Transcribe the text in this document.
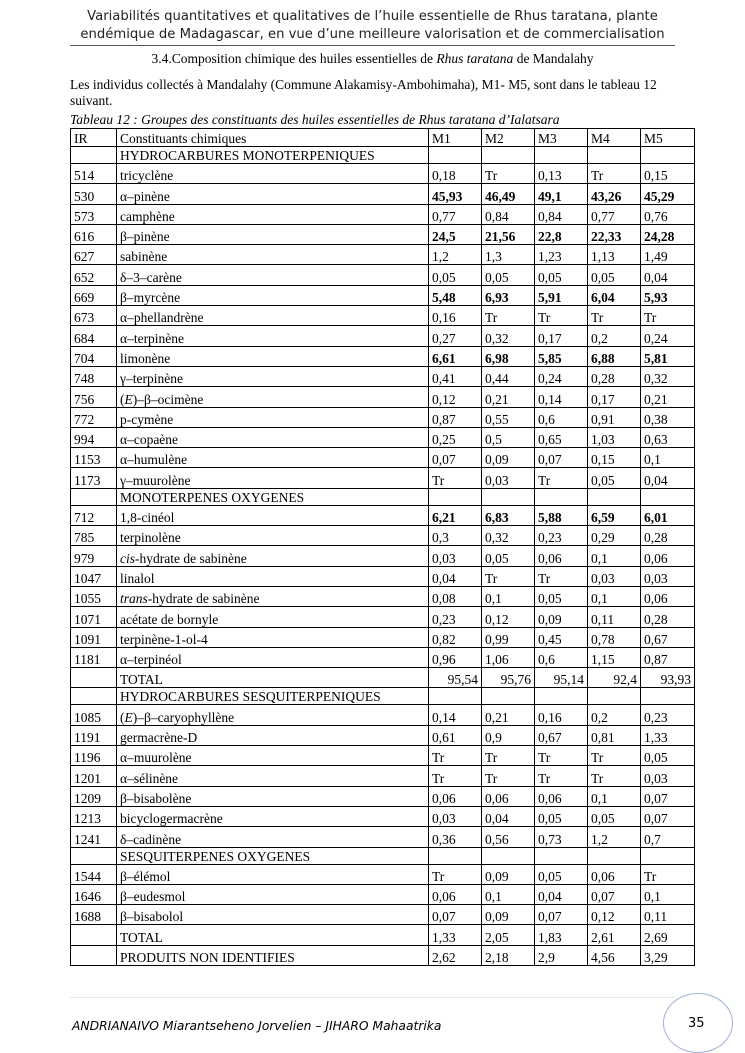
Variabilités quantitatives et qualitatives de l’huile essentielle de Rhus taratana, plante
endémique de Madagascar, en vue d’une meilleure valorisation et de commercialisation
3.4.Composition chimique des huiles essentielles de Rhus taratana de Mandalahy
Les individus collectés à Mandalahy (Commune Alakamisy-Ambohimaha), M1- M5, sont dans le tableau 12 suivant.
Tableau 12 : Groupes des constituants des huiles essentielles de Rhus taratana d’Ialatsara
IR	Constituants chimiques	M1	M2	M3	M4	M5
	HYDROCARBURES MONOTERPENIQUES					
514	tricyclène	0,18	Tr	0,13	Tr	0,15
530	α–pinène	45,93	46,49	49,1	43,26	45,29
573	camphène	0,77	0,84	0,84	0,77	0,76
616	β–pinène	24,5	21,56	22,8	22,33	24,28
627	sabinène	1,2	1,3	1,23	1,13	1,49
652	δ–3–carène	0,05	0,05	0,05	0,05	0,04
669	β–myrcène	5,48	6,93	5,91	6,04	5,93
673	α–phellandrène	0,16	Tr	Tr	Tr	Tr
684	α–terpinène	0,27	0,32	0,17	0,2	0,24
704	limonène	6,61	6,98	5,85	6,88	5,81
748	γ–terpinène	0,41	0,44	0,24	0,28	0,32
756	(E)–β–ocimène	0,12	0,21	0,14	0,17	0,21
772	p-cymène	0,87	0,55	0,6	0,91	0,38
994	α–copaène	0,25	0,5	0,65	1,03	0,63
1153	α–humulène	0,07	0,09	0,07	0,15	0,1
1173	γ–muurolène	Tr	0,03	Tr	0,05	0,04
	MONOTERPENES OXYGENES					
712	1,8-cinéol	6,21	6,83	5,88	6,59	6,01
785	terpinolène	0,3	0,32	0,23	0,29	0,28
979	cis-hydrate de sabinène	0,03	0,05	0,06	0,1	0,06
1047	linalol	0,04	Tr	Tr	0,03	0,03
1055	trans-hydrate de sabinène	0,08	0,1	0,05	0,1	0,06
1071	acétate de bornyle	0,23	0,12	0,09	0,11	0,28
1091	terpinène-1-ol-4	0,82	0,99	0,45	0,78	0,67
1181	α–terpinéol	0,96	1,06	0,6	1,15	0,87
	TOTAL	95,54	95,76	95,14	92,4	93,93
	HYDROCARBURES SESQUITERPENIQUES					
1085	(E)–β–caryophyllène	0,14	0,21	0,16	0,2	0,23
1191	germacrène-D	0,61	0,9	0,67	0,81	1,33
1196	α–muurolène	Tr	Tr	Tr	Tr	0,05
1201	α–sélinène	Tr	Tr	Tr	Tr	0,03
1209	β–bisabolène	0,06	0,06	0,06	0,1	0,07
1213	bicyclogermacrène	0,03	0,04	0,05	0,05	0,07
1241	δ–cadinène	0,36	0,56	0,73	1,2	0,7
	SESQUITERPENES OXYGENES					
1544	β–élémol	Tr	0,09	0,05	0,06	Tr
1646	β–eudesmol	0,06	0,1	0,04	0,07	0,1
1688	β–bisabolol	0,07	0,09	0,07	0,12	0,11
	TOTAL	1,33	2,05	1,83	2,61	2,69
	PRODUITS NON IDENTIFIES	2,62	2,18	2,9	4,56	3,29
ANDRIANAIVO Miarantseheno Jorvelien – JIHARO Mahaatrika	35
